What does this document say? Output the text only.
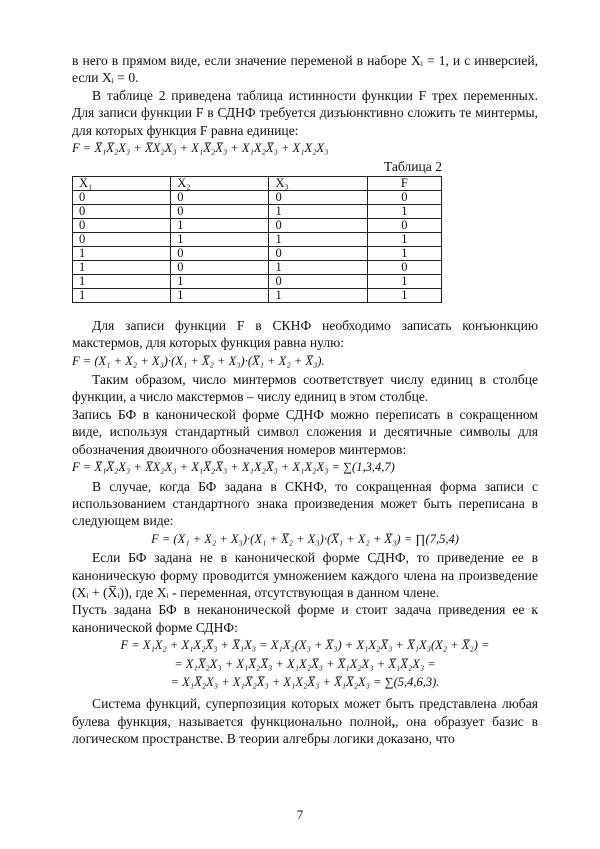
в него в прямом виде, если значение переменой в наборе Xᵢ = 1, и с инверсией, если Xᵢ = 0.

В таблице 2 приведена таблица истинности функции F трех переменных. Для записи функции F в СДНФ требуется дизъюнктивно сложить те минтермы, для которых функция F равна единице:

F = X̅₁X̅₂X₃ + X̅X₂X₃ + X₁X̅₂X̅₃ + X₁X₂X̅₃ + X₁X₂X₃
Таблица 2
X₁	X₂	X₃	F
0	0	0	0
0	0	1	1
0	1	0	0
0	1	1	1
1	0	0	1
1	0	1	0
1	1	0	1
1	1	1	1

Для записи функции F в СКНФ необходимо записать конъюнкцию макстермов, для которых функция равна нулю:

F = (X₁ + X₂ + X₃)·(X₁ + X̅₂ + X₃)·(X̅₁ + X₂ + X̅₃).

Таким образом, число минтермов соответствует числу единиц в столбце функции, а число макстермов – числу единиц в этом столбце.

Запись БФ в канонической форме СДНФ можно переписать в сокращенном виде, используя стандартный символ сложения и десятичные символы для обозначения двоичного обозначения номеров минтермов:

F = X̅₁X̅₂X₃ + X̅X₂X₃ + X₁X̅₂X̅₃ + X₁X₂X̅₃ + X₁X₂X₃ = ∑(1,3,4,7)

В случае, когда БФ задана в СКНФ, то сокращенная форма записи с использованием стандартного знака произведения может быть переписана в следующем виде:

F = (X₁ + X₂ + X₃)·(X₁ + X̅₂ + X₃)·(X̅₁ + X₂ + X̅₃) = ∏(7,5,4)

Если БФ задана не в канонической форме СДНФ, то приведение ее в каноническую форму проводится умножением каждого члена на произведение (Xᵢ + (X̅ᵢ)), где Xᵢ - переменная, отсутствующая в данном члене.

Пусть задана БФ в неканонической форме и стоит задача приведения ее к канонической форме СДНФ:

F = X₁X₂ + X₁X₂X̅₃ + X̅₁X₃ = X₁X₂(X₃ + X̅₃) + X₁X₂X̅₃ + X̅₁X₃(X₂ + X̅₂) =
= X₁X̅₂X₃ + X₁X̅₂X̅₃ + X₁X₂X̅₃ + X̅₁X₂X₃ + X̅₁X̅₂X₃ =
= X₁X̅₂X₃ + X₁X̅₂X̅₃ + X₁X₂X̅₃ + X̅₁X̅₂X₃ = ∑(5,4,6,3).

Система функций, суперпозиция которых может быть представлена любая булева функция, называется функционально полной,, она образует базис в логическом пространстве. В теории алгебры логики доказано, что

7
